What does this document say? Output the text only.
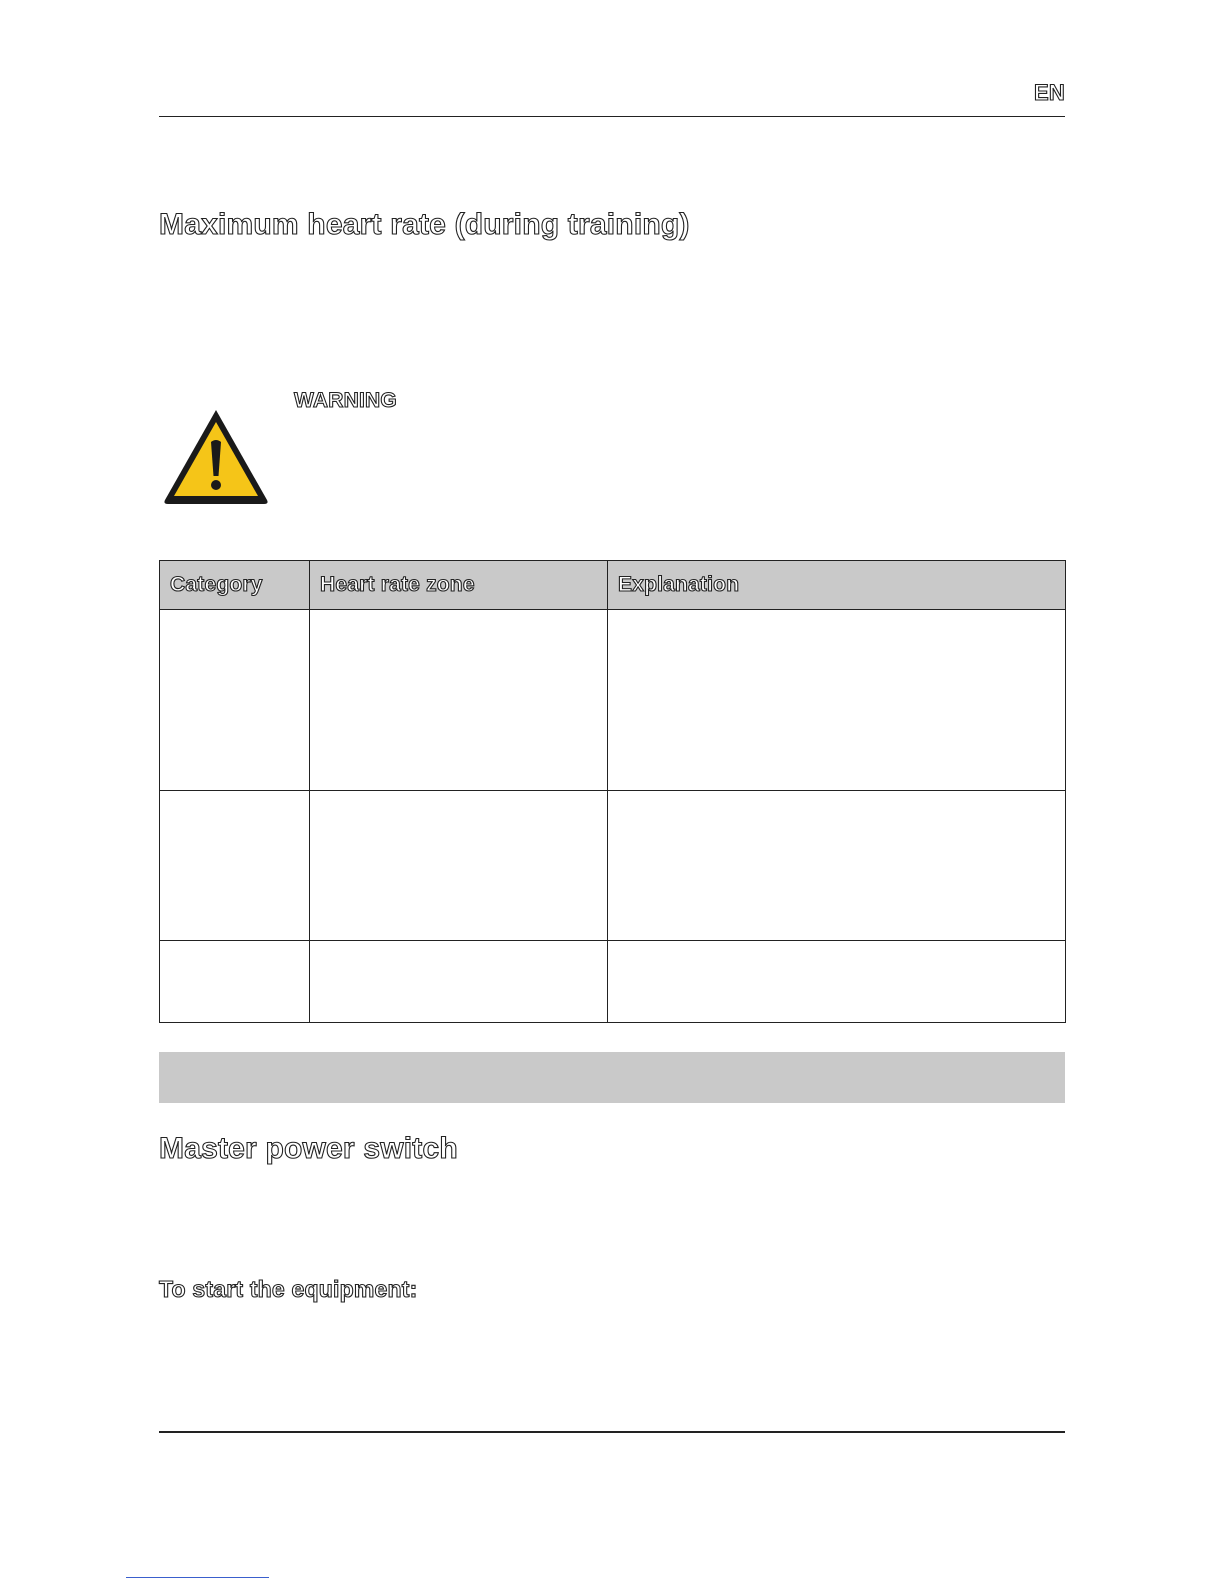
EN
Maximum heart rate (during training)
WARNING
Category	Heart rate zone	Explanation

Master power switch
To start the equipment:
